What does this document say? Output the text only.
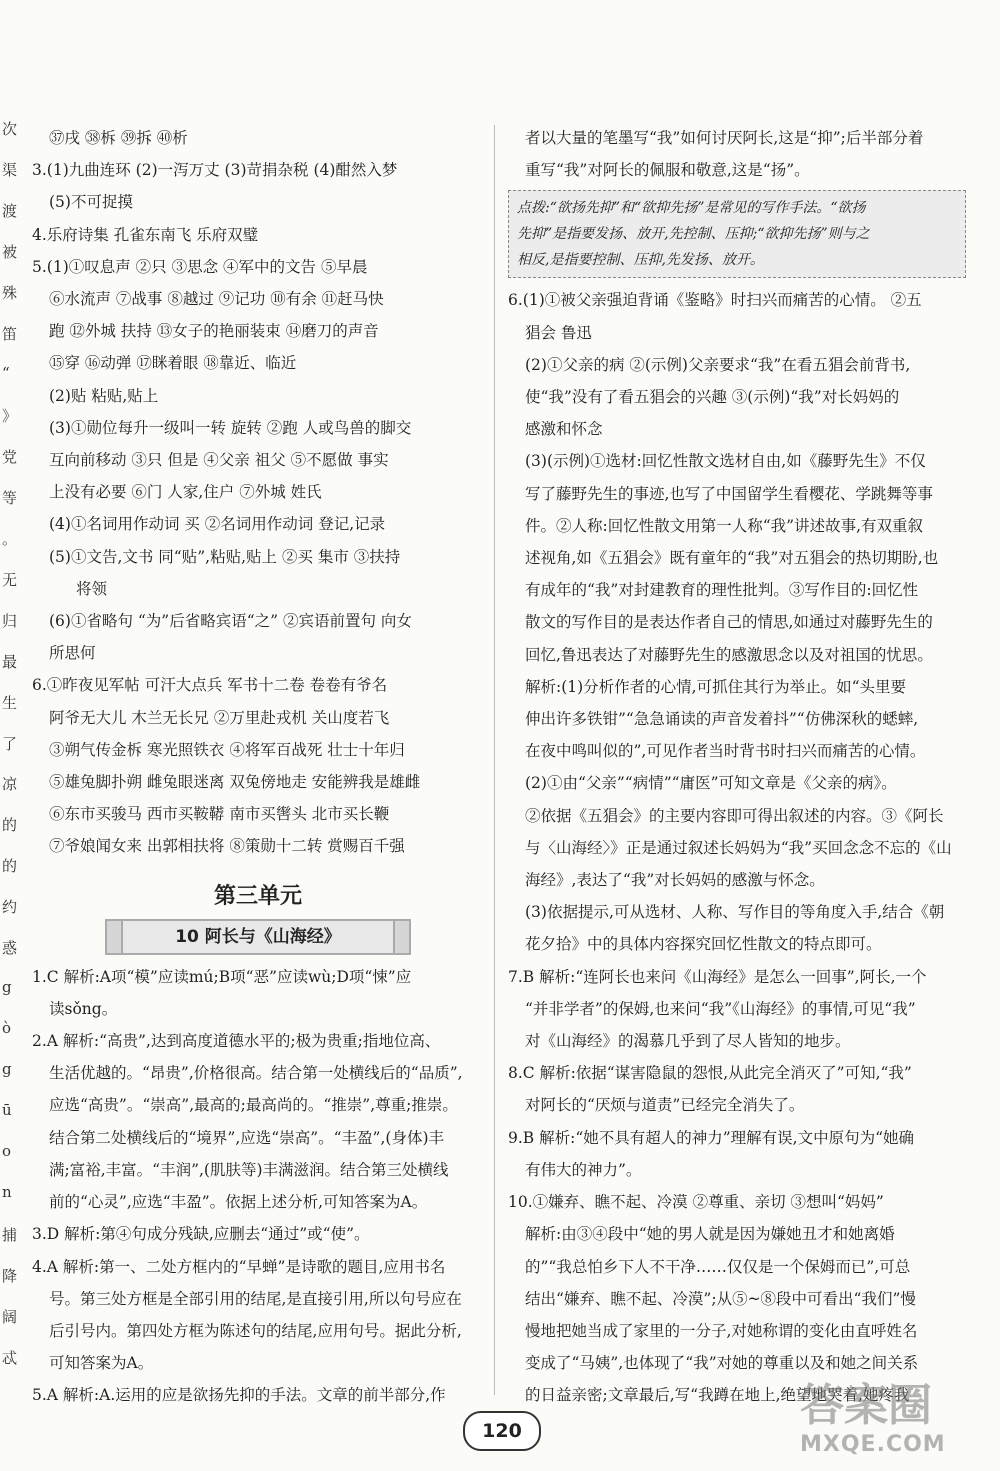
次
渠
渡
被
殊
笛
“
》
党
等
。
无
归
最
生
了
凉
的
的
约
惑
g
ò
g
ū
o
n
捕
降
阔
忒
㊲戌 ㊳柝 ㊴拆 ㊵析
3.(1)九曲连环 (2)一泻万丈 (3)苛捐杂税 (4)酣然入梦
(5)不可捉摸
4.乐府诗集 孔雀东南飞 乐府双璧
5.(1)①叹息声 ②只 ③思念 ④军中的文告 ⑤早晨
⑥水流声 ⑦战事 ⑧越过 ⑨记功 ⑩有余 ⑪赶马快
跑 ⑫外城 扶持 ⑬女子的艳丽装束 ⑭磨刀的声音
⑮穿 ⑯动弹 ⑰眯着眼 ⑱靠近、临近
(2)贴 粘贴,贴上
(3)①勋位每升一级叫一转 旋转 ②跑 人或鸟兽的脚交
互向前移动 ③只 但是 ④父亲 祖父 ⑤不愿做 事实
上没有必要 ⑥门 人家,住户 ⑦外城 姓氏
(4)①名词用作动词 买 ②名词用作动词 登记,记录
(5)①文告,文书 同“贴”,粘贴,贴上 ②买 集市 ③扶持
将领
(6)①省略句 “为”后省略宾语“之” ②宾语前置句 向女
所思何
6.①昨夜见军帖 可汗大点兵 军书十二卷 卷卷有爷名
阿爷无大儿 木兰无长兄 ②万里赴戎机 关山度若飞
③朔气传金柝 寒光照铁衣 ④将军百战死 壮士十年归
⑤雄兔脚扑朔 雌兔眼迷离 双兔傍地走 安能辨我是雄雌
⑥东市买骏马 西市买鞍鞯 南市买辔头 北市买长鞭
⑦爷娘闻女来 出郭相扶将 ⑧策勋十二转 赏赐百千强
第三单元
10 阿长与《山海经》
1.C 解析:A项“模”应读mú;B项“恶”应读wù;D项“悚”应
读sǒng。
2.A 解析:“高贵”,达到高度道德水平的;极为贵重;指地位高、
生活优越的。“昂贵”,价格很高。结合第一处横线后的“品质”,
应选“高贵”。“崇高”,最高的;最高尚的。“推崇”,尊重;推崇。
结合第二处横线后的“境界”,应选“崇高”。“丰盈”,(身体)丰
满;富裕,丰富。“丰润”,(肌肤等)丰满滋润。结合第三处横线
前的“心灵”,应选“丰盈”。依据上述分析,可知答案为A。
3.D 解析:第④句成分残缺,应删去“通过”或“使”。
4.A 解析:第一、二处方框内的“早蝉”是诗歌的题目,应用书名
号。第三处方框是全部引用的结尾,是直接引用,所以句号应在
后引号内。第四处方框为陈述句的结尾,应用句号。据此分析,
可知答案为A。
5.A 解析:A.运用的应是欲扬先抑的手法。文章的前半部分,作
者以大量的笔墨写“我”如何讨厌阿长,这是“抑”;后半部分着
重写“我”对阿长的佩服和敬意,这是“扬”。
点拨:“欲扬先抑”和“欲抑先扬”是常见的写作手法。“欲扬
先抑”是指要发扬、放开,先控制、压抑;“欲抑先扬”则与之
相反,是指要控制、压抑,先发扬、放开。
6.(1)①被父亲强迫背诵《鉴略》时扫兴而痛苦的心情。 ②五
猖会 鲁迅
(2)①父亲的病 ②(示例)父亲要求“我”在看五猖会前背书,
使“我”没有了看五猖会的兴趣 ③(示例)“我”对长妈妈的
感激和怀念
(3)(示例)①选材:回忆性散文选材自由,如《藤野先生》不仅
写了藤野先生的事迹,也写了中国留学生看樱花、学跳舞等事
件。②人称:回忆性散文用第一人称“我”讲述故事,有双重叙
述视角,如《五猖会》既有童年的“我”对五猖会的热切期盼,也
有成年的“我”对封建教育的理性批判。③写作目的:回忆性
散文的写作目的是表达作者自己的情思,如通过对藤野先生的
回忆,鲁迅表达了对藤野先生的感激思念以及对祖国的忧思。
解析:(1)分析作者的心情,可抓住其行为举止。如“头里要
伸出许多铁钳”“急急诵读的声音发着抖”“仿佛深秋的蟋蟀,
在夜中鸣叫似的”,可见作者当时背书时扫兴而痛苦的心情。
(2)①由“父亲”“病情”“庸医”可知文章是《父亲的病》。
②依据《五猖会》的主要内容即可得出叙述的内容。③《阿长
与〈山海经〉》正是通过叙述长妈妈为“我”买回念念不忘的《山
海经》,表达了“我”对长妈妈的感激与怀念。
(3)依据提示,可从选材、人称、写作目的等角度入手,结合《朝
花夕拾》中的具体内容探究回忆性散文的特点即可。
7.B 解析:“连阿长也来问《山海经》是怎么一回事”,阿长,一个
“并非学者”的保姆,也来问“我”《山海经》的事情,可见“我”
对《山海经》的渴慕几乎到了尽人皆知的地步。
8.C 解析:依据“谋害隐鼠的怨恨,从此完全消灭了”可知,“我”
对阿长的“厌烦与道责”已经完全消失了。
9.B 解析:“她不具有超人的神力”理解有误,文中原句为“她确
有伟大的神力”。
10.①嫌弃、瞧不起、冷漠 ②尊重、亲切 ③想叫“妈妈”
解析:由③④段中“她的男人就是因为嫌她丑才和她离婚
的”“我总怕乡下人不干净……仅仅是一个保姆而已”,可总
结出“嫌弃、瞧不起、冷漠”;从⑤~⑧段中可看出“我们”慢
慢地把她当成了家里的一分子,对她称谓的变化由直呼姓名
变成了“马姨”,也体现了“我”对她的尊重以及和她之间关系
的日益亲密;文章最后,写“我蹲在地上,绝望地哭着,她疼我
120	答案圈
MXQE.COM
